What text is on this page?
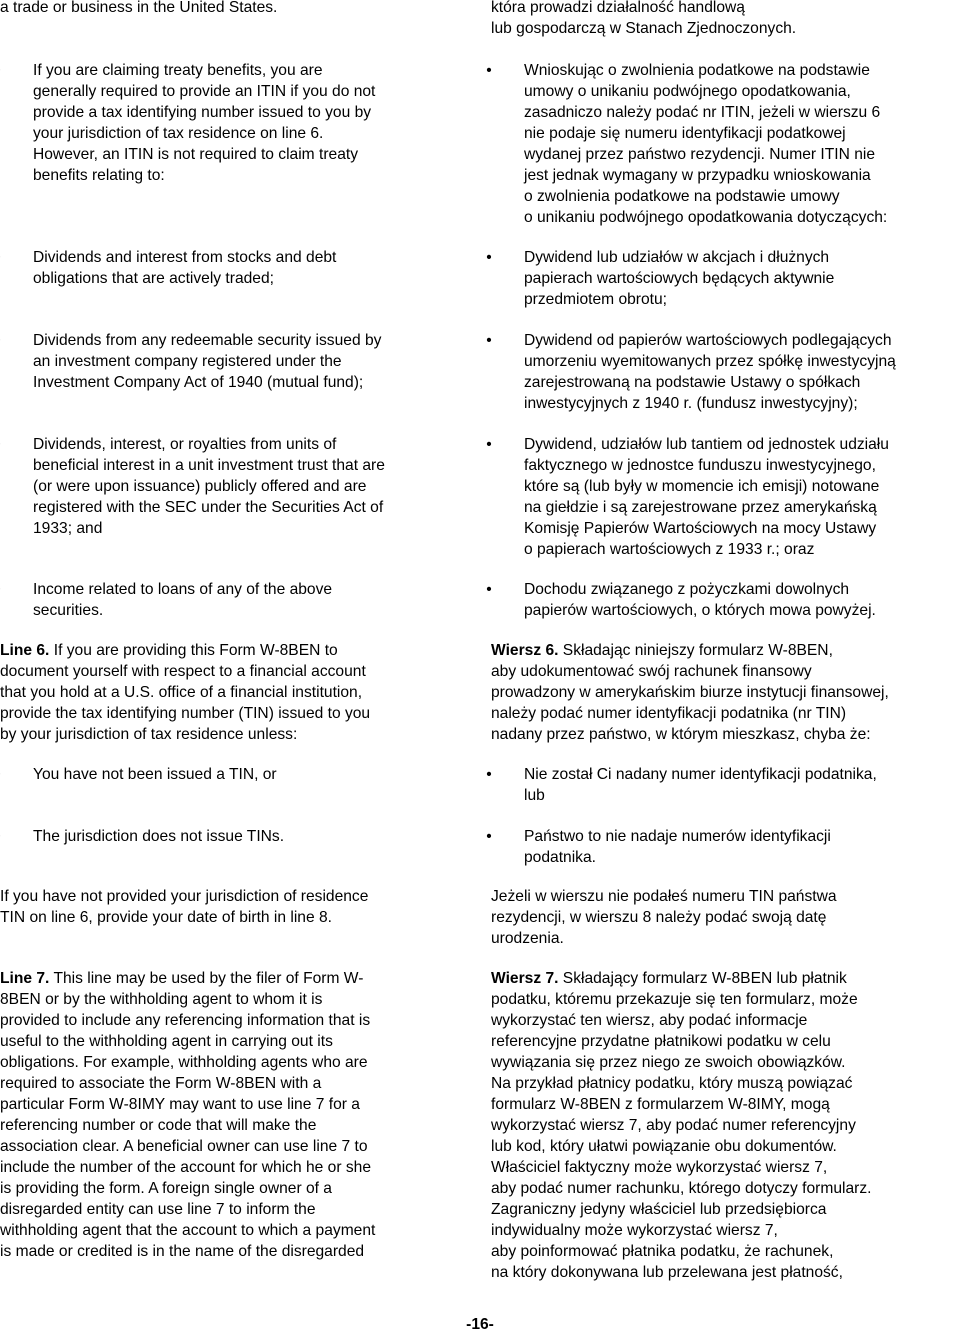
a trade or business in the United States.
If you are claiming treaty benefits, you are
generally required to provide an ITIN if you do not
provide a tax identifying number issued to you by
your jurisdiction of tax residence on line 6.
However, an ITIN is not required to claim treaty
benefits relating to:
Dividends and interest from stocks and debt
obligations that are actively traded;
Dividends from any redeemable security issued by
an investment company registered under the
Investment Company Act of 1940 (mutual fund);
Dividends, interest, or royalties from units of
beneficial interest in a unit investment trust that are
(or were upon issuance) publicly offered and are
registered with the SEC under the Securities Act of
1933; and
Income related to loans of any of the above
securities.
Line 6. If you are providing this Form W-8BEN to
document yourself with respect to a financial account
that you hold at a U.S. office of a financial institution,
provide the tax identifying number (TIN) issued to you
by your jurisdiction of tax residence unless:
You have not been issued a TIN, or
The jurisdiction does not issue TINs.
If you have not provided your jurisdiction of residence
TIN on line 6, provide your date of birth in line 8.
Line 7. This line may be used by the filer of Form W-
8BEN or by the withholding agent to whom it is
provided to include any referencing information that is
useful to the withholding agent in carrying out its
obligations. For example, withholding agents who are
required to associate the Form W-8BEN with a
particular Form W-8IMY may want to use line 7 for a
referencing number or code that will make the
association clear. A beneficial owner can use line 7 to
include the number of the account for which he or she
is providing the form. A foreign single owner of a
disregarded entity can use line 7 to inform the
withholding agent that the account to which a payment
is made or credited is in the name of the disregarded
która prowadzi działalność handlową
lub gospodarczą w Stanach Zjednoczonych.
• Wnioskując o zwolnienia podatkowe na podstawie
umowy o unikaniu podwójnego opodatkowania,
zasadniczo należy podać nr ITIN, jeżeli w wierszu 6
nie podaje się numeru identyfikacji podatkowej
wydanej przez państwo rezydencji. Numer ITIN nie
jest jednak wymagany w przypadku wnioskowania
o zwolnienia podatkowe na podstawie umowy
o unikaniu podwójnego opodatkowania dotyczących:
• Dywidend lub udziałów w akcjach i dłużnych
papierach wartościowych będących aktywnie
przedmiotem obrotu;
• Dywidend od papierów wartościowych podlegających
umorzeniu wyemitowanych przez spółkę inwestycyjną
zarejestrowaną na podstawie Ustawy o spółkach
inwestycyjnych z 1940 r. (fundusz inwestycyjny);
• Dywidend, udziałów lub tantiem od jednostek udziału
faktycznego w jednostce funduszu inwestycyjnego,
które są (lub były w momencie ich emisji) notowane
na giełdzie i są zarejestrowane przez amerykańską
Komisję Papierów Wartościowych na mocy Ustawy
o papierach wartościowych z 1933 r.; oraz
• Dochodu związanego z pożyczkami dowolnych
papierów wartościowych, o których mowa powyżej.
Wiersz 6. Składając niniejszy formularz W-8BEN,
aby udokumentować swój rachunek finansowy
prowadzony w amerykańskim biurze instytucji finansowej,
należy podać numer identyfikacji podatnika (nr TIN)
nadany przez państwo, w którym mieszkasz, chyba że:
• Nie został Ci nadany numer identyfikacji podatnika,
lub
• Państwo to nie nadaje numerów identyfikacji
podatnika.
Jeżeli w wierszu nie podałeś numeru TIN państwa
rezydencji, w wierszu 8 należy podać swoją datę
urodzenia.
Wiersz 7. Składający formularz W-8BEN lub płatnik
podatku, któremu przekazuje się ten formularz, może
wykorzystać ten wiersz, aby podać informacje
referencyjne przydatne płatnikowi podatku w celu
wywiązania się przez niego ze swoich obowiązków.
Na przykład płatnicy podatku, który muszą powiązać
formularz W-8BEN z formularzem W-8IMY, mogą
wykorzystać wiersz 7, aby podać numer referencyjny
lub kod, który ułatwi powiązanie obu dokumentów.
Właściciel faktyczny może wykorzystać wiersz 7,
aby podać numer rachunku, którego dotyczy formularz.
Zagraniczny jedyny właściciel lub przedsiębiorca
indywidualny może wykorzystać wiersz 7,
aby poinformować płatnika podatku, że rachunek,
na który dokonywana lub przelewana jest płatność,
-16-
